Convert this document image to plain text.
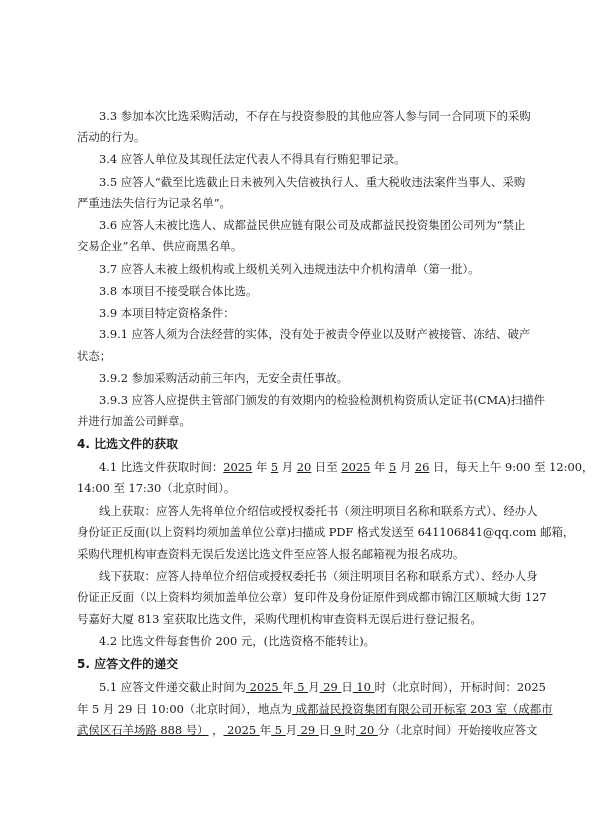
3.3 参加本次比选采购活动，不存在与投资参股的其他应答人参与同一合同项下的采购
活动的行为。
3.4 应答人单位及其现任法定代表人不得具有行贿犯罪记录。
3.5 应答人“截至比选截止日未被列入失信被执行人、重大税收违法案件当事人、采购
严重违法失信行为记录名单”。
3.6 应答人未被比选人、成都益民供应链有限公司及成都益民投资集团公司列为“禁止
交易企业”名单、供应商黑名单。
3.7 应答人未被上级机构或上级机关列入违规违法中介机构清单（第一批）。
3.8 本项目不接受联合体比选。
3.9 本项目特定资格条件：
3.9.1 应答人须为合法经营的实体，没有处于被责令停业以及财产被接管、冻结、破产
状态；
3.9.2 参加采购活动前三年内，无安全责任事故。
3.9.3 应答人应提供主管部门颁发的有效期内的检验检测机构资质认定证书(CMA)扫描件
并进行加盖公司鲜章。
4. 比选文件的获取
4.1 比选文件获取时间：2025 年 5 月 20 日至 2025 年 5 月 26 日，每天上午 9:00 至 12:00，
14:00 至 17:30（北京时间）。
线上获取：应答人先将单位介绍信或授权委托书（须注明项目名称和联系方式）、经办人
身份证正反面(以上资料均须加盖单位公章)扫描成 PDF 格式发送至 641106841@qq.com 邮箱，
采购代理机构审查资料无误后发送比选文件至应答人报名邮箱视为报名成功。
线下获取：应答人持单位介绍信或授权委托书（须注明项目名称和联系方式）、经办人身
份证正反面（以上资料均须加盖单位公章）复印件及身份证原件到成都市锦江区顺城大街 127
号嘉好大厦 813 室获取比选文件，采购代理机构审查资料无误后进行登记报名。
4.2 比选文件每套售价 200 元，(比选资格不能转让)。
5. 应答文件的递交
5.1 应答文件递交截止时间为 2025 年 5 月 29 日 10 时（北京时间），开标时间：2025
年 5 月 29 日 10:00（北京时间），地点为 成都益民投资集团有限公司开标室 203 室（成都市
武侯区石羊场路 888 号） ， 2025 年 5 月 29 日 9 时 20 分（北京时间）开始接收应答文
